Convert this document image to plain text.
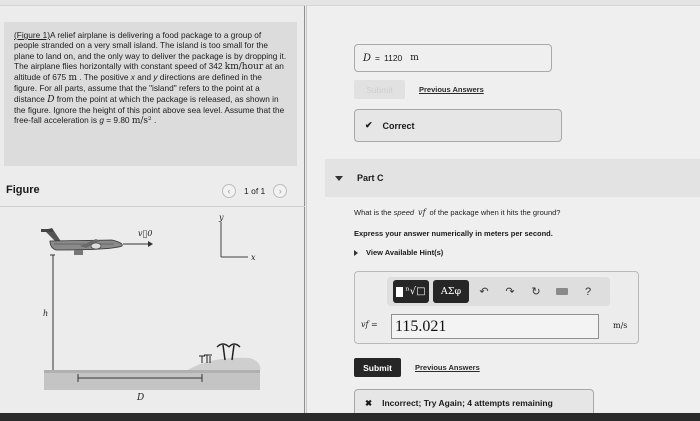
(Figure 1)A relief airplane is delivering a food package to a group of people stranded on a very small island. The island is too small for the plane to land on, and the only way to deliver the package is by dropping it. The airplane flies horizontally with constant speed of 342 km/hour at an altitude of 675 m . The positive x and y directions are defined in the figure. For all parts, assume that the "island" refers to the point at a distance D from the point at which the package is released, as shown in the figure. Ignore the height of this point above sea level. Assume that the free-fall acceleration is g = 9.80 m/s² .
Figure	‹ 1 of 1 ›
v⃗0
y
x
h
D
D = 1120 m
Submit	Previous Answers
✔ Correct
Part C
What is the speed vf of the package when it hits the ground?
Express your answer numerically in meters per second.
View Available Hint(s)
ⁿ√□	ΑΣφ	↶	↷	↻	?
vf = 115.021	m/s
Submit	Previous Answers
✖ Incorrect; Try Again; 4 attempts remaining
